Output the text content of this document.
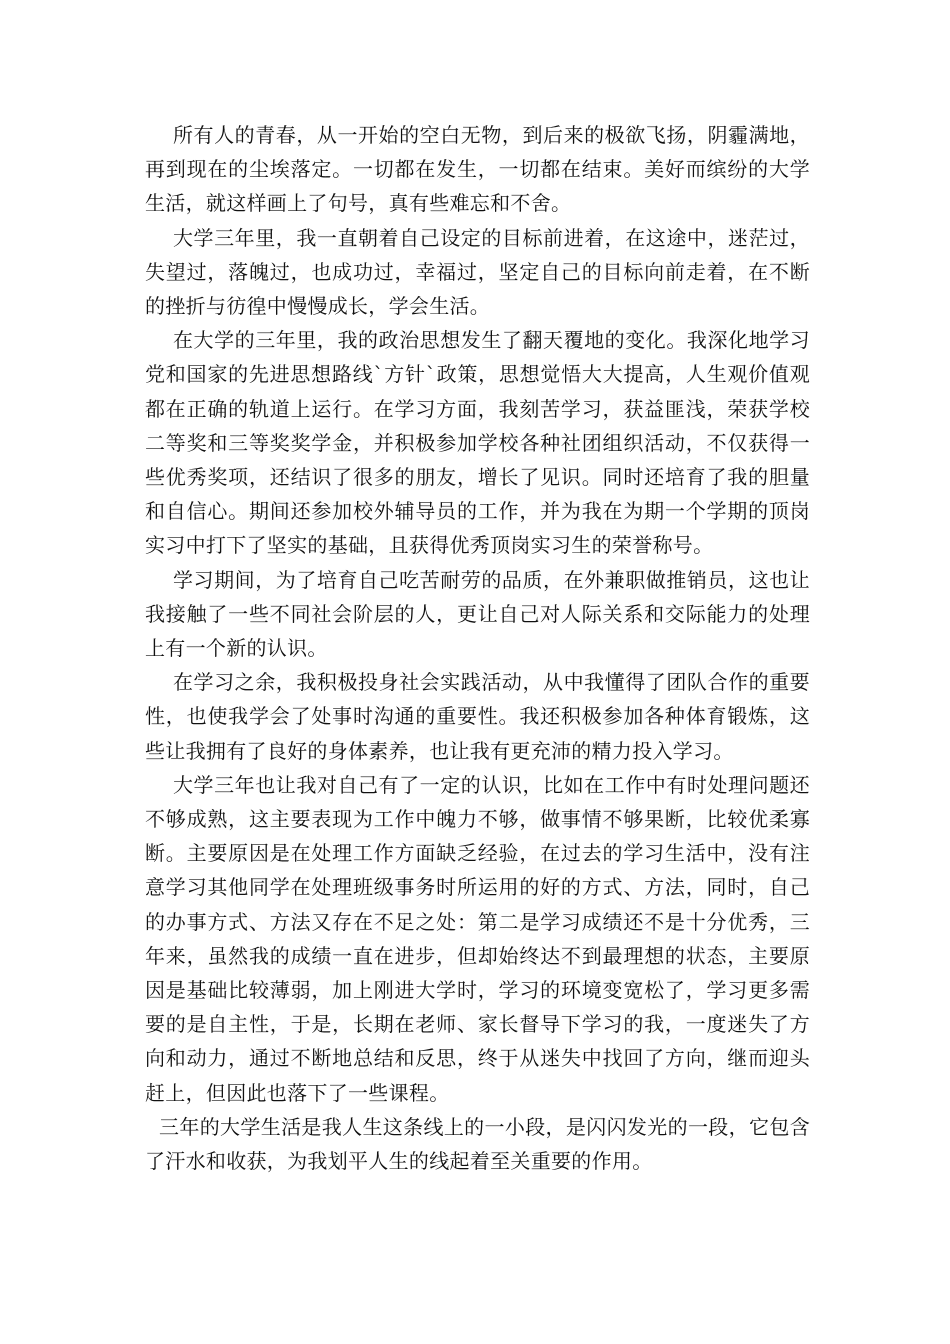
所有人的青春，从一开始的空白无物，到后来的极欲飞扬，阴霾满地，再到现在的尘埃落定。一切都在发生，一切都在结束。美好而缤纷的大学生活，就这样画上了句号，真有些难忘和不舍。

大学三年里，我一直朝着自己设定的目标前进着，在这途中，迷茫过，失望过，落魄过，也成功过，幸福过，坚定自己的目标向前走着，在不断的挫折与彷徨中慢慢成长，学会生活。

在大学的三年里，我的政治思想发生了翻天覆地的变化。我深化地学习党和国家的先进思想路线`方针`政策，思想觉悟大大提高，人生观价值观都在正确的轨道上运行。在学习方面，我刻苦学习，获益匪浅，荣获学校二等奖和三等奖奖学金，并积极参加学校各种社团组织活动，不仅获得一些优秀奖项，还结识了很多的朋友，增长了见识。同时还培育了我的胆量和自信心。期间还参加校外辅导员的工作，并为我在为期一个学期的顶岗实习中打下了坚实的基础，且获得优秀顶岗实习生的荣誉称号。

学习期间，为了培育自己吃苦耐劳的品质，在外兼职做推销员，这也让我接触了一些不同社会阶层的人，更让自己对人际关系和交际能力的处理上有一个新的认识。

在学习之余，我积极投身社会实践活动，从中我懂得了团队合作的重要性，也使我学会了处事时沟通的重要性。我还积极参加各种体育锻炼，这些让我拥有了良好的身体素养，也让我有更充沛的精力投入学习。

大学三年也让我对自己有了一定的认识，比如在工作中有时处理问题还不够成熟，这主要表现为工作中魄力不够，做事情不够果断，比较优柔寡断。主要原因是在处理工作方面缺乏经验，在过去的学习生活中，没有注意学习其他同学在处理班级事务时所运用的好的方式、方法，同时，自己的办事方式、方法又存在不足之处：第二是学习成绩还不是十分优秀，三年来，虽然我的成绩一直在进步，但却始终达不到最理想的状态，主要原因是基础比较薄弱，加上刚进大学时，学习的环境变宽松了，学习更多需要的是自主性，于是，长期在老师、家长督导下学习的我，一度迷失了方向和动力，通过不断地总结和反思，终于从迷失中找回了方向，继而迎头赶上，但因此也落下了一些课程。

三年的大学生活是我人生这条线上的一小段，是闪闪发光的一段，它包含了汗水和收获，为我划平人生的线起着至关重要的作用。
